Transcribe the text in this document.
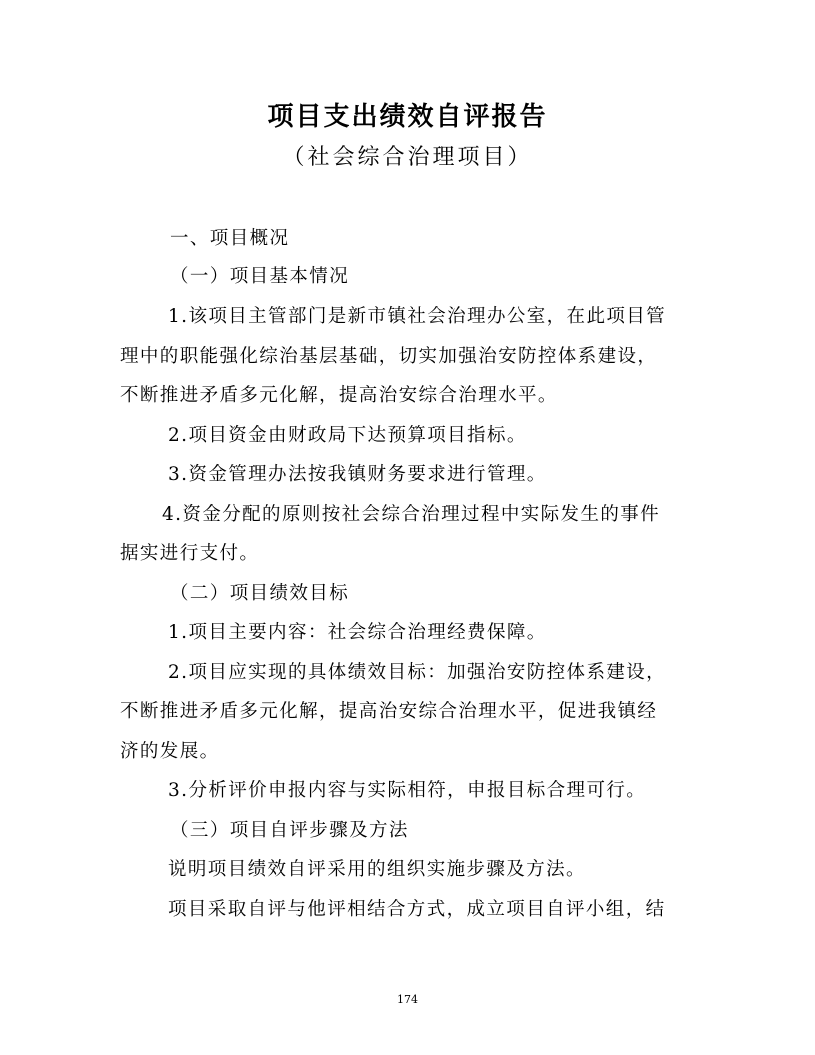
项目支出绩效自评报告
（社会综合治理项目）
一、项目概况
（一）项目基本情况
1.该项目主管部门是新市镇社会治理办公室，在此项目管
理中的职能强化综治基层基础，切实加强治安防控体系建设，
不断推进矛盾多元化解，提高治安综合治理水平。
2.项目资金由财政局下达预算项目指标。
3.资金管理办法按我镇财务要求进行管理。
4.资金分配的原则按社会综合治理过程中实际发生的事件
据实进行支付。
（二）项目绩效目标
1.项目主要内容：社会综合治理经费保障。
2.项目应实现的具体绩效目标：加强治安防控体系建设，
不断推进矛盾多元化解，提高治安综合治理水平，促进我镇经
济的发展。
3.分析评价申报内容与实际相符，申报目标合理可行。
（三）项目自评步骤及方法
说明项目绩效自评采用的组织实施步骤及方法。
项目采取自评与他评相结合方式，成立项目自评小组，结
174
